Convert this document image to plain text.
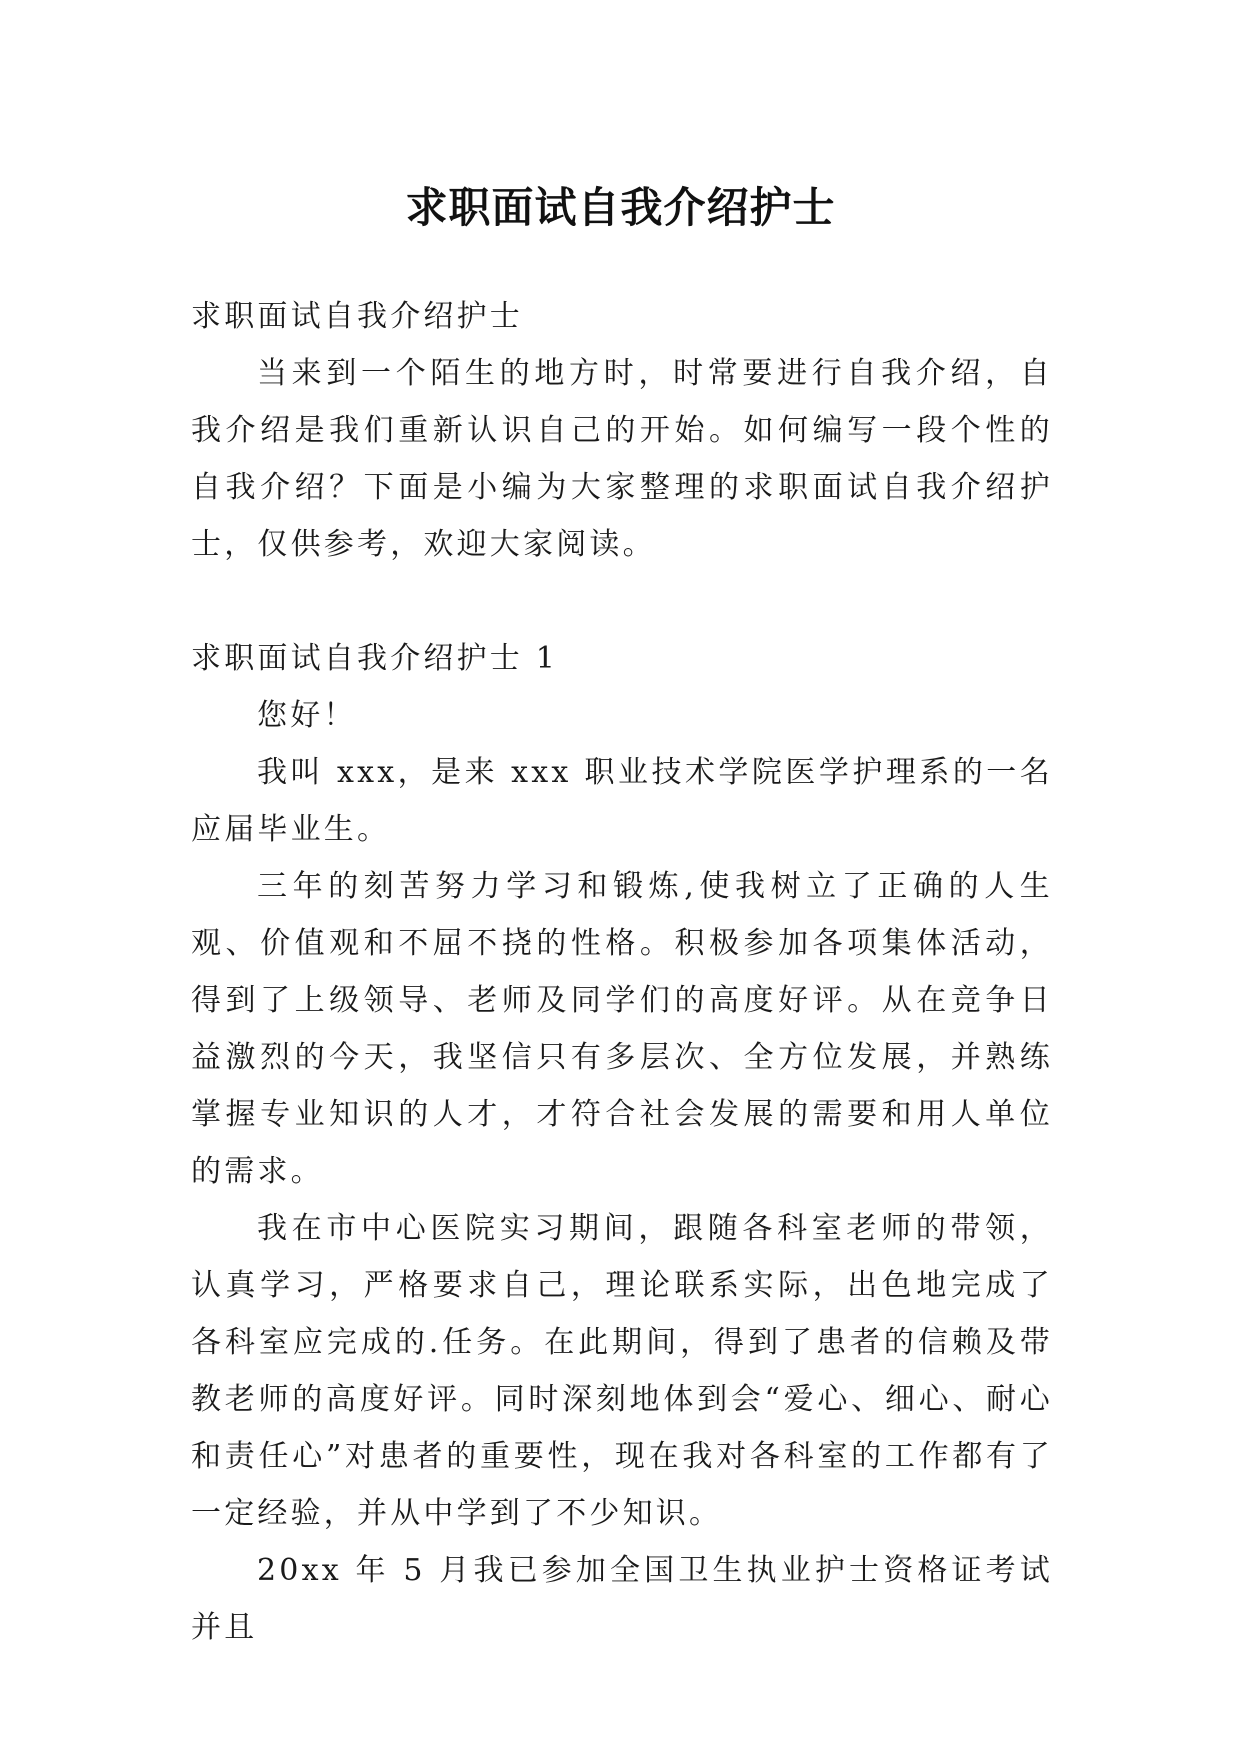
求职面试自我介绍护士

求职面试自我介绍护士

当来到一个陌生的地方时，时常要进行自我介绍，自我介绍是我们重新认识自己的开始。如何编写一段个性的自我介绍？下面是小编为大家整理的求职面试自我介绍护士，仅供参考，欢迎大家阅读。

求职面试自我介绍护士 1

您好！

我叫 xxx，是来 xxx 职业技术学院医学护理系的一名应届毕业生。

三年的刻苦努力学习和锻炼,使我树立了正确的人生观、价值观和不屈不挠的性格。积极参加各项集体活动，得到了上级领导、老师及同学们的高度好评。从在竞争日益激烈的今天，我坚信只有多层次、全方位发展，并熟练掌握专业知识的人才，才符合社会发展的需要和用人单位的需求。

我在市中心医院实习期间，跟随各科室老师的带领，认真学习，严格要求自己，理论联系实际，出色地完成了各科室应完成的.任务。在此期间，得到了患者的信赖及带教老师的高度好评。同时深刻地体到会“爱心、细心、耐心和责任心”对患者的重要性，现在我对各科室的工作都有了一定经验，并从中学到了不少知识。

20xx 年 5 月我已参加全国卫生执业护士资格证考试并且
